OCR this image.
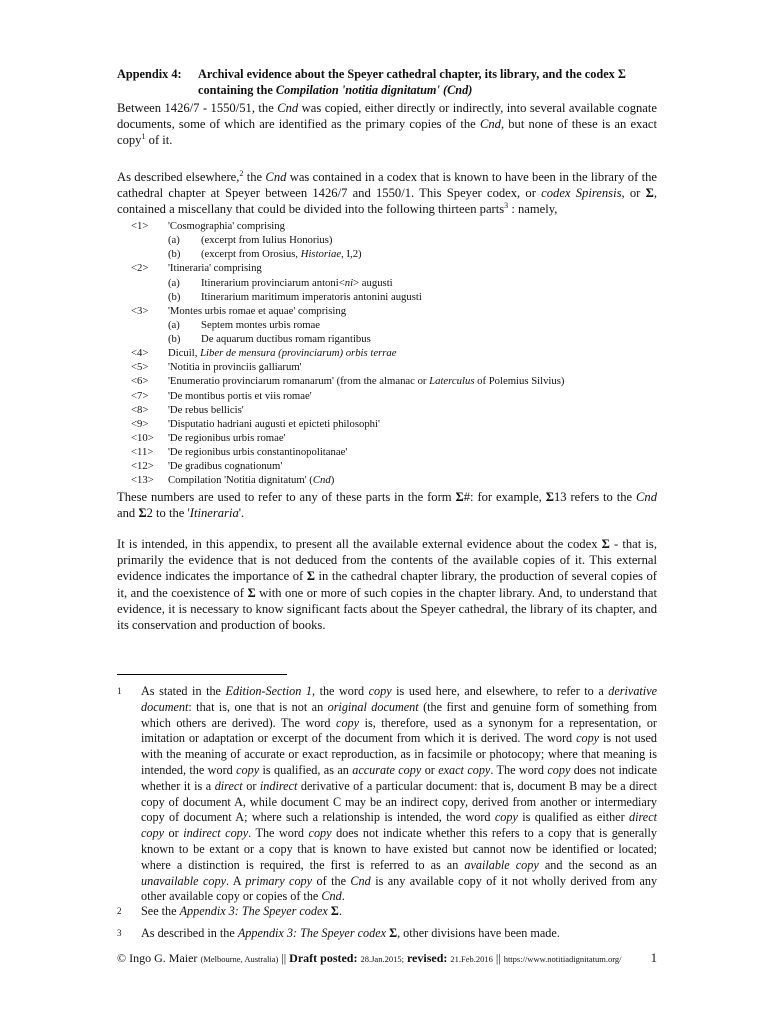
Appendix 4: Archival evidence about the Speyer cathedral chapter, its library, and the codex Σ containing the Compilation 'notitia dignitatum' (Cnd)
Between 1426/7 - 1550/51, the Cnd was copied, either directly or indirectly, into several available cognate documents, some of which are identified as the primary copies of the Cnd, but none of these is an exact copy$^1$ of it.
As described elsewhere,$^2$ the Cnd was contained in a codex that is known to have been in the library of the cathedral chapter at Speyer between 1426/7 and 1550/1. This Speyer codex, or codex Spirensis, or Σ, contained a miscellany that could be divided into the following thirteen parts$^3$ : namely,
<1> 'Cosmographia' comprising
(a) (excerpt from Iulius Honorius)
(b) (excerpt from Orosius, Historiae, I,2)
<2> 'Itineraria' comprising
(a) Itinerarium provinciarum antoni<ni> augusti
(b) Itinerarium maritimum imperatoris antonini augusti
<3> 'Montes urbis romae et aquae' comprising
(a) Septem montes urbis romae
(b) De aquarum ductibus romam rigantibus
<4> Dicuil, Liber de mensura (provinciarum) orbis terrae
<5> 'Notitia in provinciis galliarum'
<6> 'Enumeratio provinciarum romanarum' (from the almanac or Laterculus of Polemius Silvius)
<7> 'De montibus portis et viis romae'
<8> 'De rebus bellicis'
<9> 'Disputatio hadriani augusti et epicteti philosophi'
<10> 'De regionibus urbis romae'
<11> 'De regionibus urbis constantinopolitanae'
<12> 'De gradibus cognationum'
<13> Compilation 'Notitia dignitatum' (Cnd)
These numbers are used to refer to any of these parts in the form Σ#: for example, Σ13 refers to the Cnd and Σ2 to the 'Itineraria'.
It is intended, in this appendix, to present all the available external evidence about the codex Σ - that is, primarily the evidence that is not deduced from the contents of the available copies of it. This external evidence indicates the importance of Σ in the cathedral chapter library, the production of several copies of it, and the coexistence of Σ with one or more of such copies in the chapter library. And, to understand that evidence, it is necessary to know significant facts about the Speyer cathedral, the library of its chapter, and its conservation and production of books.
1 As stated in the Edition-Section 1, the word copy is used here, and elsewhere, to refer to a derivative document: that is, one that is not an original document (the first and genuine form of something from which others are derived). The word copy is, therefore, used as a synonym for a representation, or imitation or adaptation or excerpt of the document from which it is derived. The word copy is not used with the meaning of accurate or exact reproduction, as in facsimile or photocopy; where that meaning is intended, the word copy is qualified, as an accurate copy or exact copy. The word copy does not indicate whether it is a direct or indirect derivative of a particular document: that is, document B may be a direct copy of document A, while document C may be an indirect copy, derived from another or intermediary copy of document A; where such a relationship is intended, the word copy is qualified as either direct copy or indirect copy. The word copy does not indicate whether this refers to a copy that is generally known to be extant or a copy that is known to have existed but cannot now be identified or located; where a distinction is required, the first is referred to as an available copy and the second as an unavailable copy. A primary copy of the Cnd is any available copy of it not wholly derived from any other available copy or copies of the Cnd.
2 See the Appendix 3: The Speyer codex Σ.
3 As described in the Appendix 3: The Speyer codex Σ, other divisions have been made.
© Ingo G. Maier (Melbourne, Australia) || Draft posted: 28.Jan.2015; revised: 21.Feb.2016 || https://www.notitiadignitatum.org/ 1
